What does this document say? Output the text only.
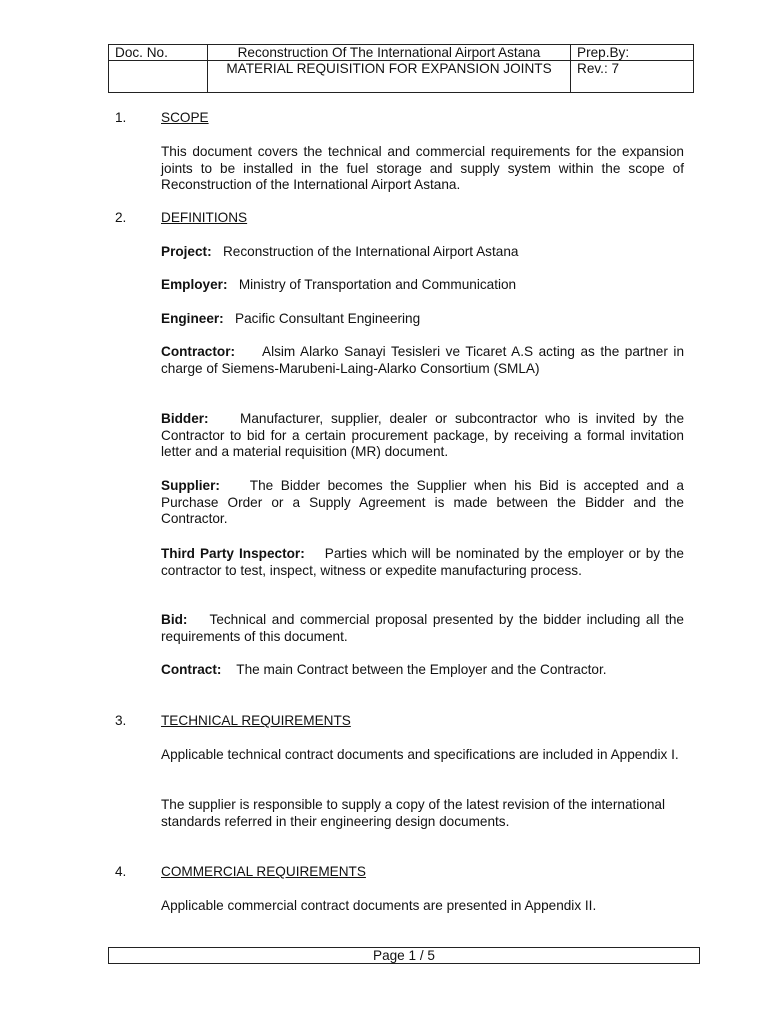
Doc. No.	Reconstruction Of The International Airport Astana	Prep.By:
	MATERIAL REQUISITION FOR EXPANSION JOINTS	Rev.: 7
1.	SCOPE

This document covers the technical and commercial requirements for the expansion joints to be installed in the fuel storage and supply system within the scope of Reconstruction of the International Airport Astana.

2.	DEFINITIONS

Project: Reconstruction of the International Airport Astana

Employer: Ministry of Transportation and Communication

Engineer: Pacific Consultant Engineering

Contractor: Alsim Alarko Sanayi Tesisleri ve Ticaret A.S acting as the partner in charge of Siemens-Marubeni-Laing-Alarko Consortium (SMLA)

Bidder: Manufacturer, supplier, dealer or subcontractor who is invited by the Contractor to bid for a certain procurement package, by receiving a formal invitation letter and a material requisition (MR) document.

Supplier: The Bidder becomes the Supplier when his Bid is accepted and a Purchase Order or a Supply Agreement is made between the Bidder and the Contractor.

Third Party Inspector: Parties which will be nominated by the employer or by the contractor to test, inspect, witness or expedite manufacturing process.

Bid: Technical and commercial proposal presented by the bidder including all the requirements of this document.

Contract: The main Contract between the Employer and the Contractor.

3.	TECHNICAL REQUIREMENTS

Applicable technical contract documents and specifications are included in Appendix I.

The supplier is responsible to supply a copy of the latest revision of the international standards referred in their engineering design documents.

4.	COMMERCIAL REQUIREMENTS

Applicable commercial contract documents are presented in Appendix II.

Page 1 / 5
